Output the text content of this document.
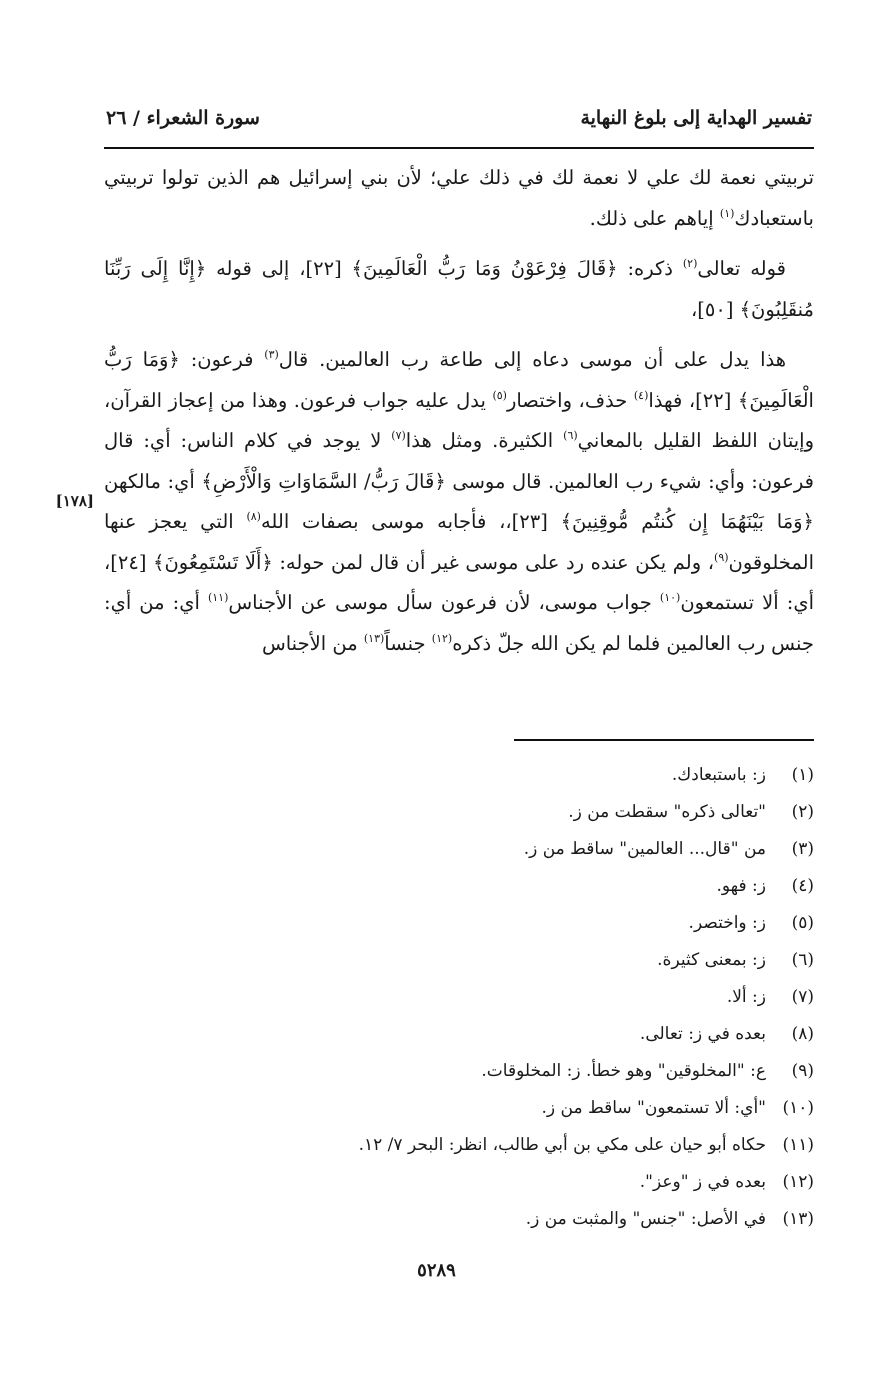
تفسير الهداية إلى بلوغ النهاية
سورة الشعراء / ٢٦

تربيتي نعمة لك علي لا نعمة لك في ذلك علي؛ لأن بني إسرائيل هم الذين تولوا تربيتي باستعبادك$^{(١)}$ إياهم على ذلك.

قوله تعالى$^{(٢)}$ ذكره: ﴿قَالَ فِرْعَوْنُ وَمَا رَبُّ الْعَالَمِينَ﴾ [٢٢]، إلى قوله ﴿إِنَّا إِلَى رَبِّنَا مُنقَلِبُونَ﴾ [٥٠]،

هذا يدل على أن موسى دعاه إلى طاعة رب العالمين. قال$^{(٣)}$ فرعون: ﴿وَمَا رَبُّ الْعَالَمِينَ﴾ [٢٢]، فهذا$^{(٤)}$ حذف، واختصار$^{(٥)}$ يدل عليه جواب فرعون. وهذا من إعجاز القرآن، وإيتان اللفظ القليل بالمعاني$^{(٦)}$ الكثيرة. ومثل هذا$^{(٧)}$ لا يوجد في كلام الناس: أي: قال فرعون: وأي: شيء رب العالمين. قال موسى ﴿قَالَ رَبُّ/ السَّمَاوَاتِ وَالْأَرْضِ﴾ أي: مالكهن ﴿وَمَا بَيْنَهُمَا إِن كُنتُم مُّوقِنِينَ﴾ [٢٣]،، فأجابه موسى بصفات الله$^{(٨)}$ التي يعجز عنها المخلوقون$^{(٩)}$، ولم يكن عنده رد على موسى غير أن قال لمن حوله: ﴿أَلَا تَسْتَمِعُونَ﴾ [٢٤]، أي: ألا تستمعون$^{(١٠)}$ جواب موسى، لأن فرعون سأل موسى عن الأجناس$^{(١١)}$ أي: من أي: جنس رب العالمين فلما لم يكن الله جلّ ذكره$^{(١٢)}$ جنساً$^{(١٣)}$ من الأجناس

[١٧٨]
(١)
ز: باستبعادك.
(٢)
"تعالى ذكره" سقطت من ز.
(٣)
من "قال... العالمين" ساقط من ز.
(٤)
ز: فهو.
(٥)
ز: واختصر.
(٦)
ز: بمعنى كثيرة.
(٧)
ز: ألا.
(٨)
بعده في ز: تعالى.
(٩)
ع: "المخلوقين" وهو خطأ. ز: المخلوقات.
(١٠)
"أي: ألا تستمعون" ساقط من ز.
(١١)
حكاه أبو حيان على مكي بن أبي طالب، انظر: البحر ٧/ ١٢.
(١٢)
بعده في ز "وعز".
(١٣)
في الأصل: "جنس" والمثبت من ز.
٥٢٨٩
